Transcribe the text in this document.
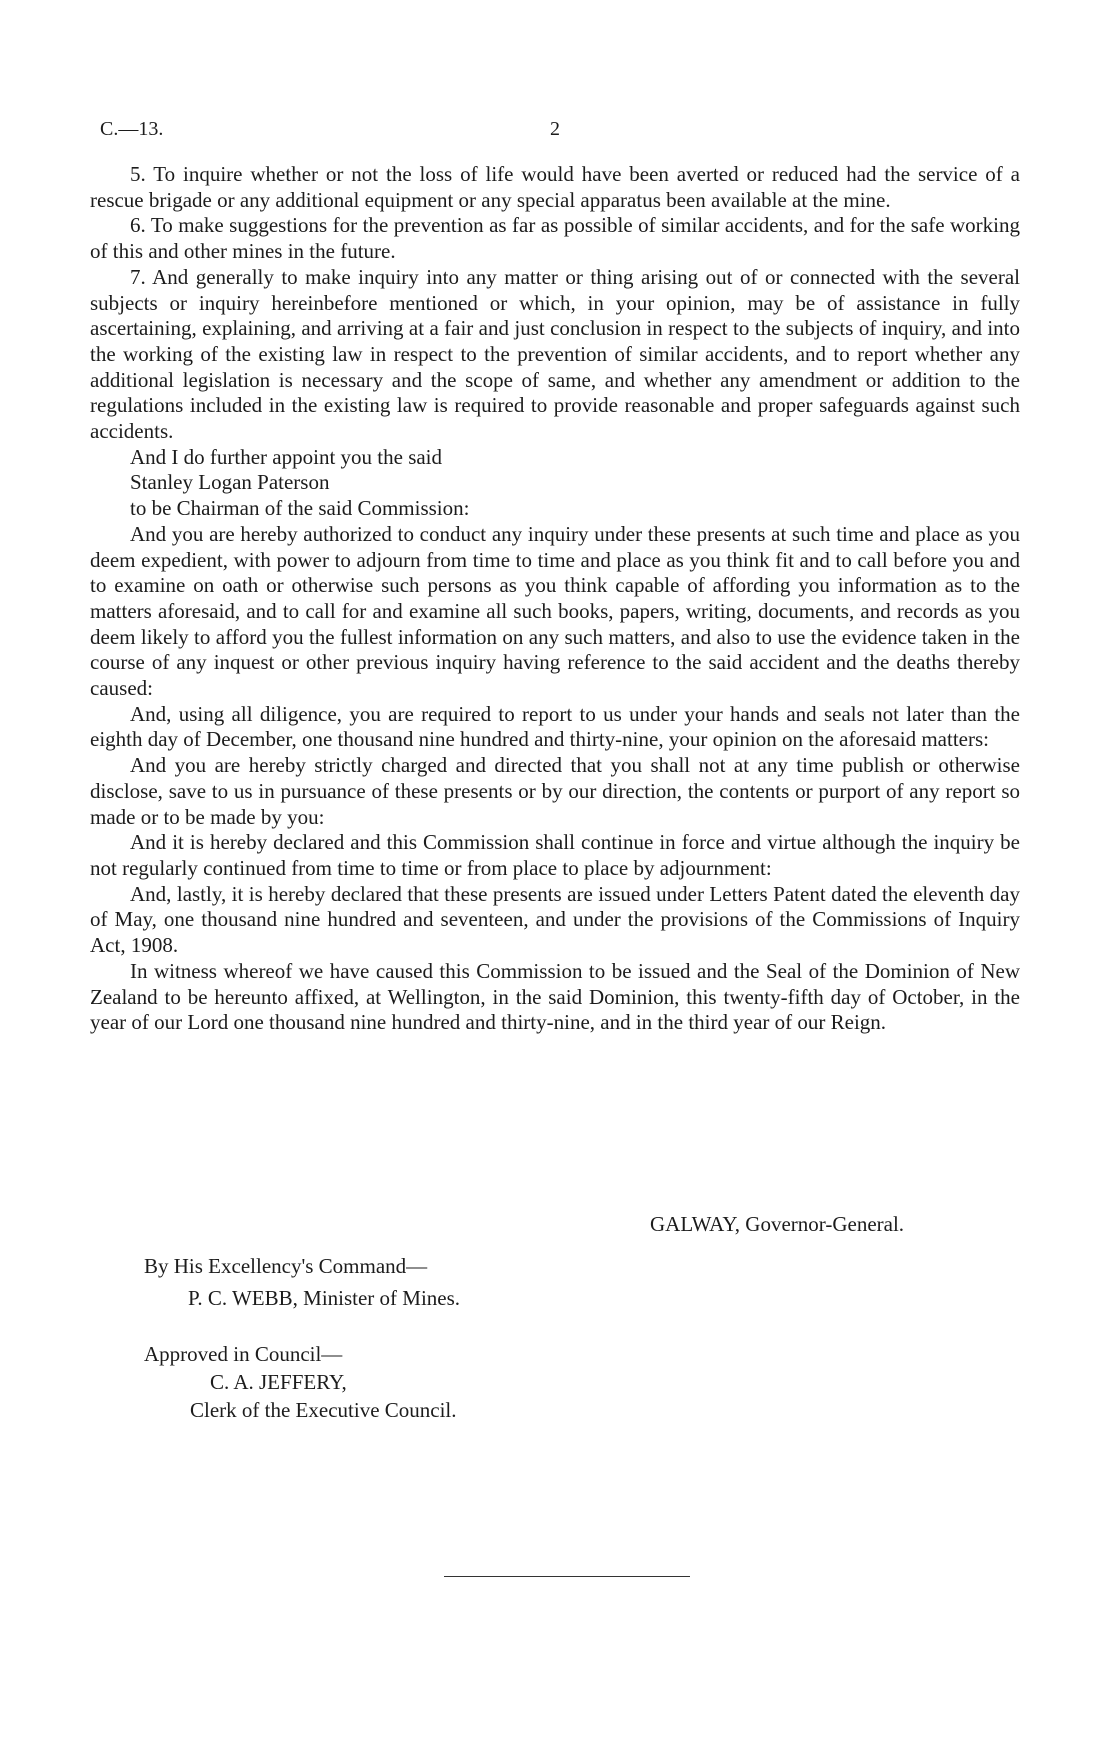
C.—13.	2

5. To inquire whether or not the loss of life would have been averted or reduced had the service of a rescue brigade or any additional equipment or any special apparatus been available at the mine.

6. To make suggestions for the prevention as far as possible of similar accidents, and for the safe working of this and other mines in the future.

7. And generally to make inquiry into any matter or thing arising out of or connected with the several subjects or inquiry hereinbefore mentioned or which, in your opinion, may be of assistance in fully ascertaining, explaining, and arriving at a fair and just conclusion in respect to the subjects of inquiry, and into the working of the existing law in respect to the prevention of similar accidents, and to report whether any additional legislation is necessary and the scope of same, and whether any amendment or addition to the regulations included in the existing law is required to provide reasonable and proper safeguards against such accidents.

And I do further appoint you the said

Stanley Logan Paterson

to be Chairman of the said Commission:

And you are hereby authorized to conduct any inquiry under these presents at such time and place as you deem expedient, with power to adjourn from time to time and place as you think fit and to call before you and to examine on oath or otherwise such persons as you think capable of affording you information as to the matters aforesaid, and to call for and examine all such books, papers, writing, documents, and records as you deem likely to afford you the fullest information on any such matters, and also to use the evidence taken in the course of any inquest or other previous inquiry having reference to the said accident and the deaths thereby caused:

And, using all diligence, you are required to report to us under your hands and seals not later than the eighth day of December, one thousand nine hundred and thirty-nine, your opinion on the aforesaid matters:

And you are hereby strictly charged and directed that you shall not at any time publish or otherwise disclose, save to us in pursuance of these presents or by our direction, the contents or purport of any report so made or to be made by you:

And it is hereby declared and this Commission shall continue in force and virtue although the inquiry be not regularly continued from time to time or from place to place by adjournment:

And, lastly, it is hereby declared that these presents are issued under Letters Patent dated the eleventh day of May, one thousand nine hundred and seventeen, and under the provisions of the Commissions of Inquiry Act, 1908.

In witness whereof we have caused this Commission to be issued and the Seal of the Dominion of New Zealand to be hereunto affixed, at Wellington, in the said Dominion, this twenty-fifth day of October, in the year of our Lord one thousand nine hundred and thirty-nine, and in the third year of our Reign.

GALWAY, Governor-General.
By His Excellency's Command—
P. C. WEBB, Minister of Mines.
Approved in Council—
C. A. JEFFERY,
Clerk of the Executive Council.
